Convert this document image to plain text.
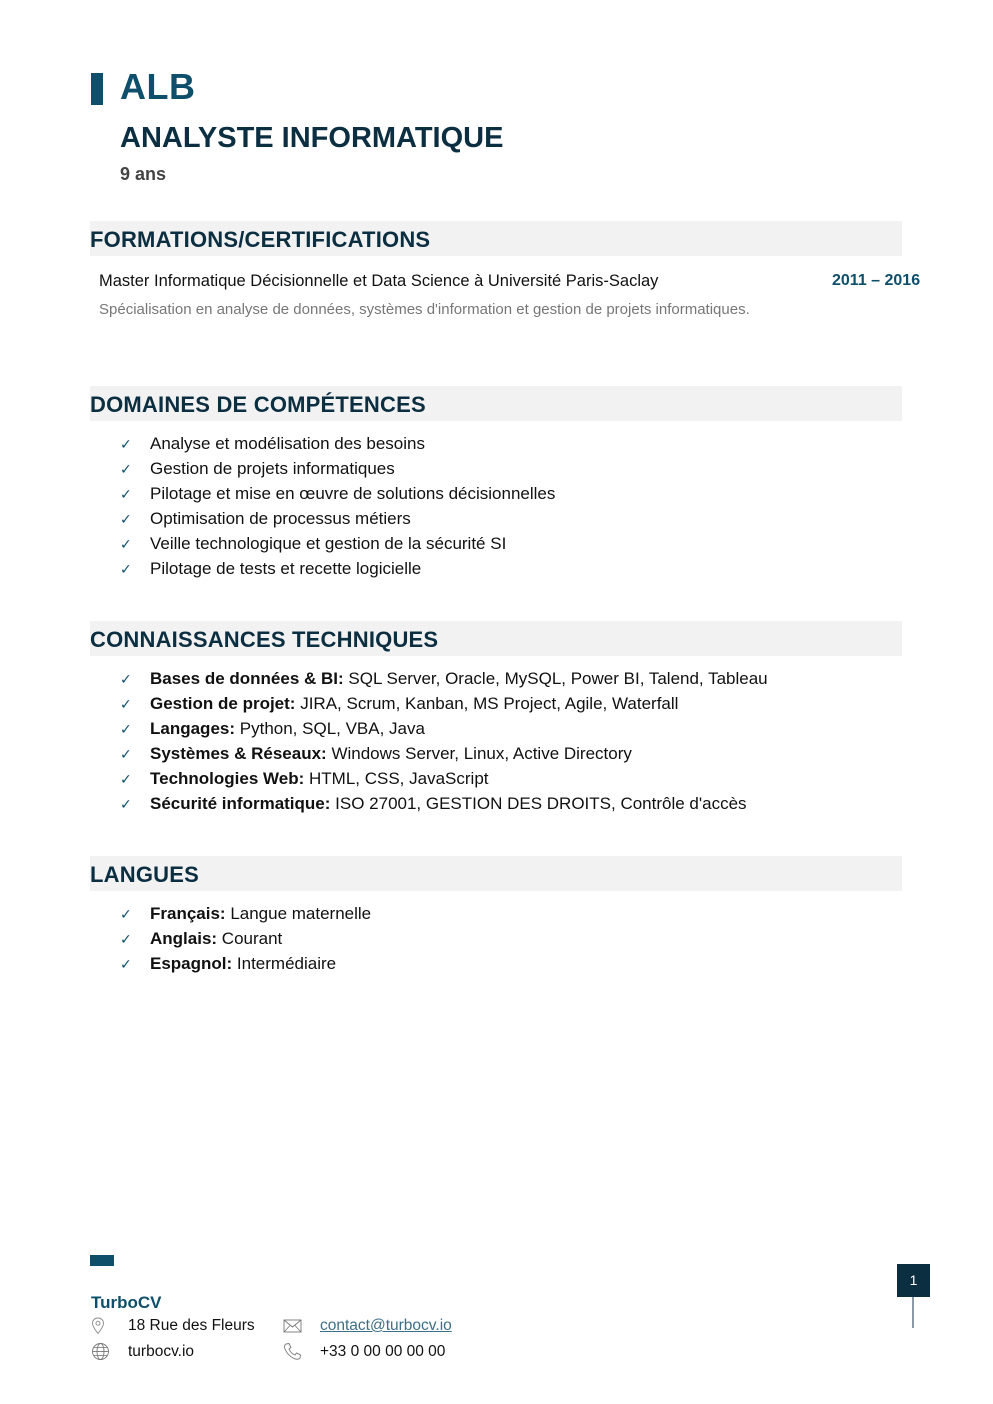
ALB
ANALYSTE INFORMATIQUE
9 ans
FORMATIONS/CERTIFICATIONS
Master Informatique Décisionnelle et Data Science à Université Paris-Saclay	2011 – 2016
Spécialisation en analyse de données, systèmes d'information et gestion de projets informatiques.
DOMAINES DE COMPÉTENCES
✓ Analyse et modélisation des besoins
✓ Gestion de projets informatiques
✓ Pilotage et mise en œuvre de solutions décisionnelles
✓ Optimisation de processus métiers
✓ Veille technologique et gestion de la sécurité SI
✓ Pilotage de tests et recette logicielle
CONNAISSANCES TECHNIQUES
✓ Bases de données & BI: SQL Server, Oracle, MySQL, Power BI, Talend, Tableau
✓ Gestion de projet: JIRA, Scrum, Kanban, MS Project, Agile, Waterfall
✓ Langages: Python, SQL, VBA, Java
✓ Systèmes & Réseaux: Windows Server, Linux, Active Directory
✓ Technologies Web: HTML, CSS, JavaScript
✓ Sécurité informatique: ISO 27001, GESTION DES DROITS, Contrôle d'accès
LANGUES
✓ Français: Langue maternelle
✓ Anglais: Courant
✓ Espagnol: Intermédiaire
TurboCV
18 Rue des Fleurs
turbocv.io
contact@turbocv.io
+33 0 00 00 00 00
1
